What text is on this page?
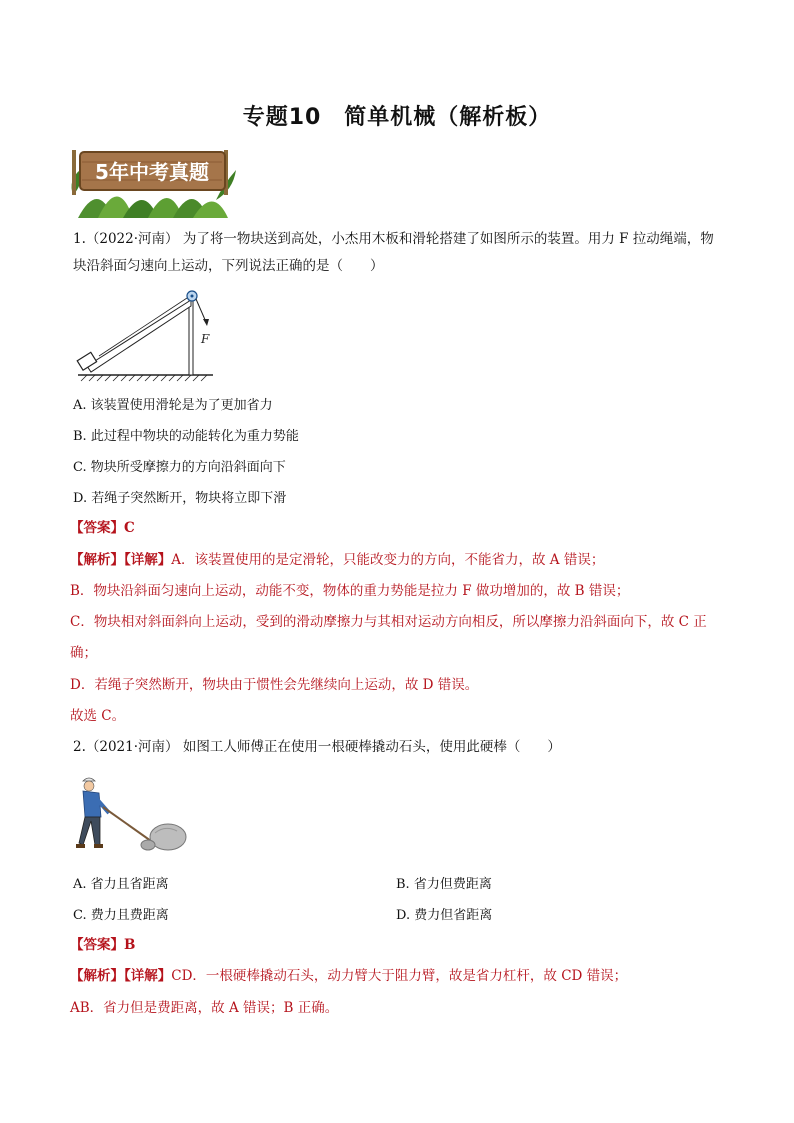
专题10　简单机械（解析板）
5年中考真题
1.（2022·河南） 为了将一物块送到高处，小杰用木板和滑轮搭建了如图所示的装置。用力 F 拉动绳端，物
块沿斜面匀速向上运动，下列说法正确的是（　　）
F
A. 该装置使用滑轮是为了更加省力
B. 此过程中物块的动能转化为重力势能
C. 物块所受摩擦力的方向沿斜面向下
D. 若绳子突然断开，物块将立即下滑
【答案】C
【解析】【详解】A．该装置使用的是定滑轮，只能改变力的方向，不能省力，故 A 错误；
B．物块沿斜面匀速向上运动，动能不变，物体的重力势能是拉力 F 做功增加的，故 B 错误；
C．物块相对斜面斜向上运动，受到的滑动摩擦力与其相对运动方向相反，所以摩擦力沿斜面向下，故 C 正
确；
D．若绳子突然断开，物块由于惯性会先继续向上运动，故 D 错误。
故选 C。
2.（2021·河南） 如图工人师傅正在使用一根硬棒撬动石头，使用此硬棒（　　）
A. 省力且省距离	B. 省力但费距离
C. 费力且费距离	D. 费力但省距离
【答案】B
【解析】【详解】CD．一根硬棒撬动石头，动力臂大于阻力臂，故是省力杠杆，故 CD 错误；
AB．省力但是费距离，故 A 错误；B 正确。
